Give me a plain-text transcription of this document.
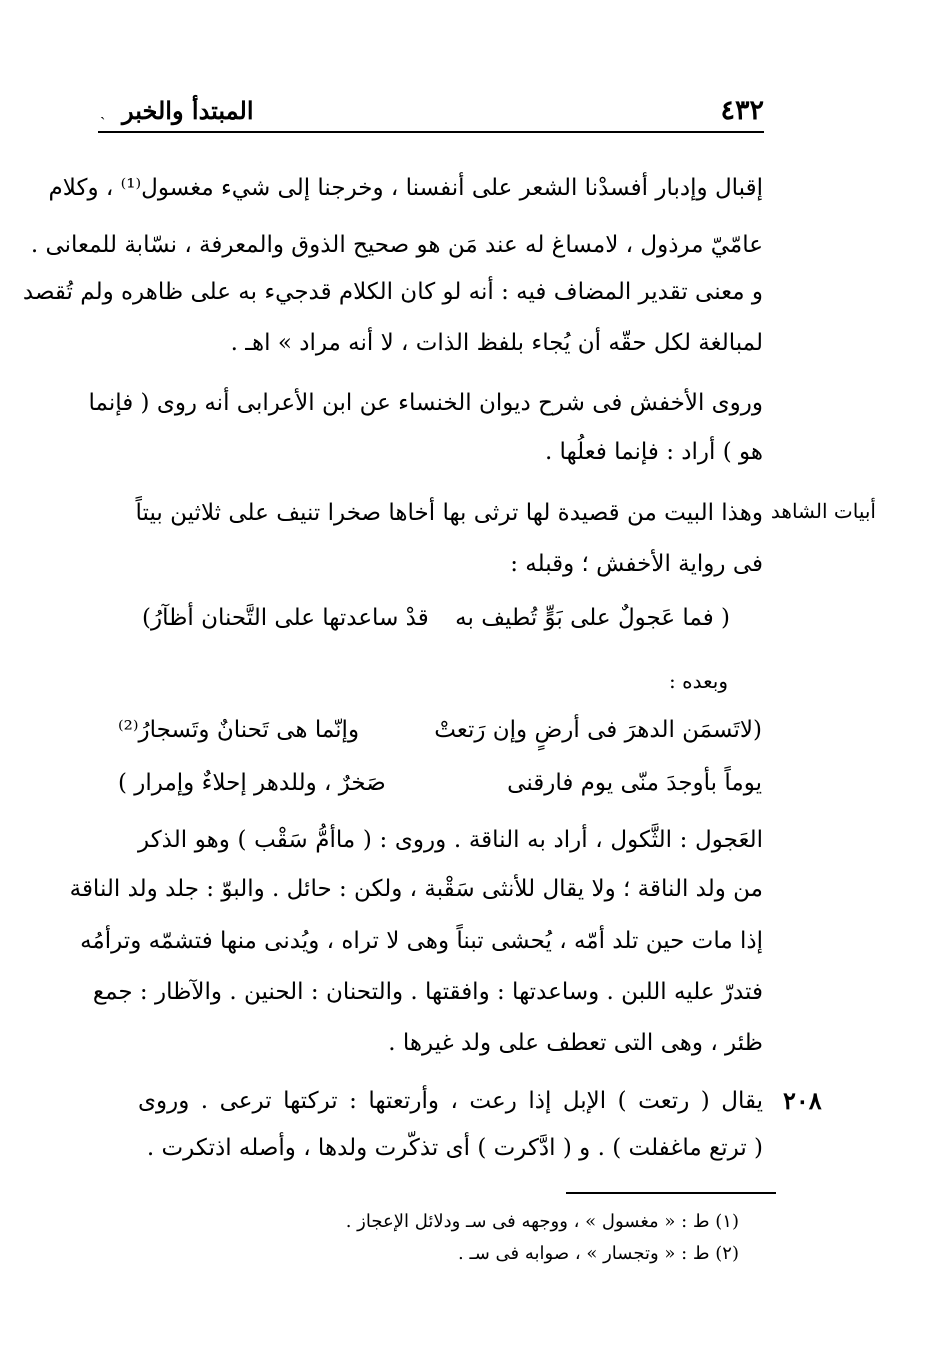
٤٣٢
المبتدأ والخبر
ˎ
إقبال وإدبار أفسدْنا الشعر على أنفسنا ، وخرجنا إلى شيء مغسول⁽¹⁾ ، وكلام
عامّيّ مرذول ، لامساغ له عند مَن هو صحيح الذوق والمعرفة ، نسّابة للمعانى .
و معنى تقدير المضاف فيه : أنه لو كان الكلام قدجيء به على ظاهره ولم تُقصد
لمبالغة لكل حقّه أن يُجاء بلفظ الذات ، لا أنه مراد » اهـ .
وروى الأخفش فى شرح ديوان الخنساء عن ابن الأعرابى أنه روى ( فإنما
هو ) أراد : فإنما فعلُها .
وهذا البيت من قصيدة لها ترثى بها أخاها صخرا تنيف على ثلاثين بيتاً
فى رواية الأخفش ؛ وقبله :
العَجول : الثَّكول ، أراد به الناقة . وروى : ( ماأمُّ سَقْب ) وهو الذكر
من ولد الناقة ؛ ولا يقال للأنثى سَقْبة ، ولكن : حائل . والبوّ : جلد ولد الناقة
إذا مات حين تلد أمّه ، يُحشى تبناً وهى لا تراه ، ويُدنى منها فتشمّه وترأمُه
فتدرّ عليه اللبن . وساعدتها : وافقتها . والتحنان : الحنين . والآظار : جمع
ظئر ، وهى التى تعطف على ولد غيرها .
يقال ( رتعت ) الإبل إذا رعت ، وأرتعتها : تركتها ترعى . وروى
( ترتع ماغفلت ) . و ( ادَّكرت ) أى تذكّرت ولدها ، وأصله اذتكرت .
أبيات الشاهد
( فما عَجولٌ على بَوٍّ تُطيف به
قدْ ساعدتها على التَّحنان أظآرُ)
وبعده :
(لاتَسمَن الدهرَ فى أرضٍ وإن رَتعتْ
وإنّما هى تَحنانٌ وتَسجارُ⁽²⁾
يوماً بأوجدَ منّى يوم فارقنى
صَخرٌ ، وللدهر إحلاءٌ وإمرار )
٢٠٨
(١) ط : « مغسول » ، ووجهه فى سـ ودلائل الإعجاز .
(٢) ط : « وتجسار » ، صوابه فى سـ .
